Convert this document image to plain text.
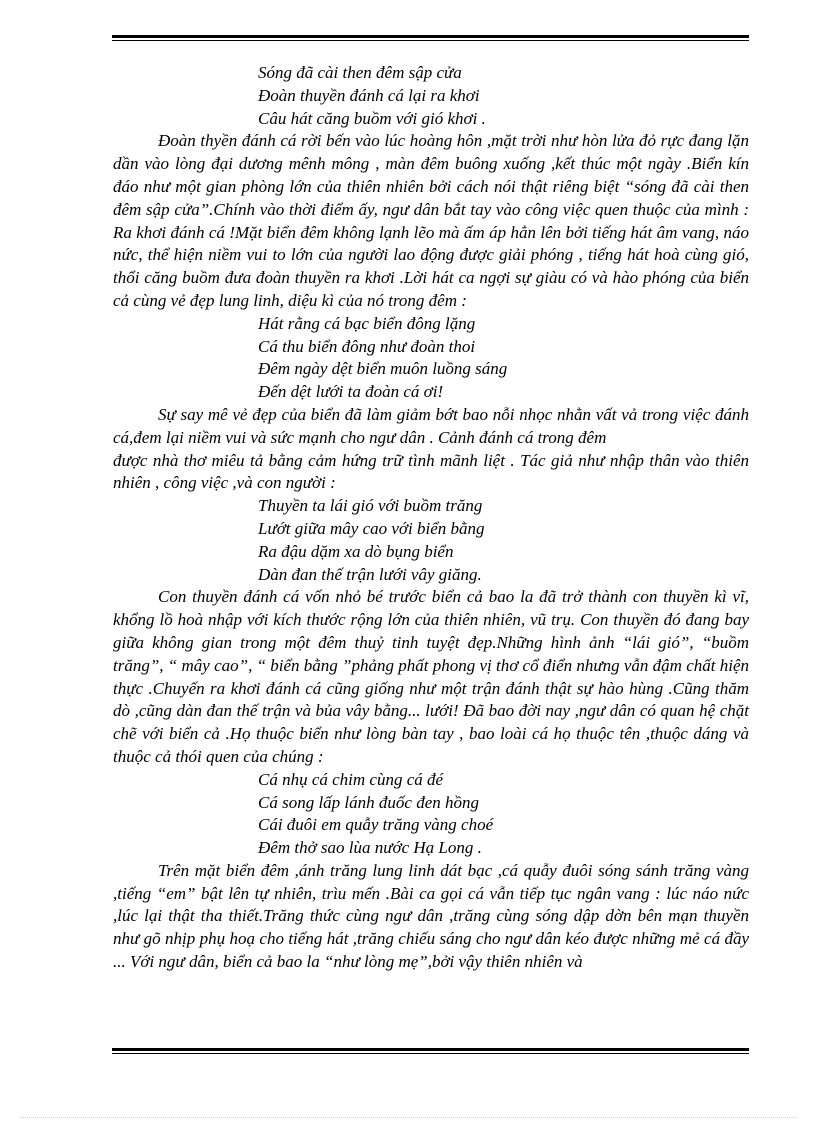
Sóng đã cài then đêm sập cửa
Đoàn thuyền đánh cá lại ra khơi
Câu hát căng buồm với gió khơi .

Đoàn thyền đánh cá rời bến vào lúc hoàng hôn ,mặt trời như hòn lửa đỏ rực đang lặn dần vào lòng đại dương mênh mông , màn đêm buông xuống ,kết thúc một ngày .Biển kín đáo như một gian phòng lớn của thiên nhiên bởi cách nói thật riêng biệt “sóng đã cài then đêm sập cửa”.Chính vào thời điểm ấy, ngư dân bắt tay vào công việc quen thuộc của mình : Ra khơi đánh cá !Mặt biển đêm không lạnh lẽo mà ấm áp hẳn lên bởi tiếng hát âm vang, náo nức, thể hiện niềm vui to lớn của người lao động được giải phóng , tiếng hát hoà cùng gió, thổi căng buồm đưa đoàn thuyền ra khơi .Lời hát ca ngợi sự giàu có và hào phóng của biển cả cùng vẻ đẹp lung linh, diệu kì của nó trong đêm :

Hát rằng cá bạc biển đông lặng
Cá thu biển đông như đoàn thoi
Đêm ngày dệt biển muôn luồng sáng
Đến dệt lưới ta đoàn cá ơi!

Sự say mê vẻ đẹp của biển đã làm giảm bớt bao nỗi nhọc nhằn vất vả trong việc đánh cá,đem lại niềm vui và sức mạnh cho ngư dân . Cảnh đánh cá trong đêm

được nhà thơ miêu tả bằng cảm hứng trữ tình mãnh liệt . Tác giả như nhập thân vào thiên nhiên , công việc ,và con người :

Thuyền ta lái gió với buồm trăng
Lướt giữa mây cao với biển bằng
Ra đậu dặm xa dò bụng biển
Dàn đan thế trận lưới vây giăng.

Con thuyền đánh cá vốn nhỏ bé trước biển cả bao la đã trở thành con thuyền kì vĩ, khổng lồ hoà nhập với kích thước rộng lớn của thiên nhiên, vũ trụ. Con thuyền đó đang bay giữa không gian trong một đêm thuỷ tinh tuyệt đẹp.Những hình ảnh “lái gió”, “buồm trăng”, “ mây cao”, “ biển bằng ”phảng phất phong vị thơ cổ điển nhưng vẫn đậm chất hiện thực .Chuyến ra khơi đánh cá cũng giống như một trận đánh thật sự hào hùng .Cũng thăm dò ,cũng dàn đan thế trận và bủa vây bằng... lưới! Đã bao đời nay ,ngư dân có quan hệ chặt chẽ với biển cả .Họ thuộc biển như lòng bàn tay , bao loài cá họ thuộc tên ,thuộc dáng và thuộc cả thói quen của chúng :

Cá nhụ cá chim cùng cá đé
Cá song lấp lánh đuốc đen hồng
Cái đuôi em quẫy trăng vàng choé
Đêm thở sao lùa nước Hạ Long .

Trên mặt biển đêm ,ánh trăng lung linh dát bạc ,cá quẫy đuôi sóng sánh trăng vàng ,tiếng “em” bật lên tự nhiên, trìu mến .Bài ca gọi cá vẫn tiếp tục ngân vang : lúc náo nức ,lúc lại thật tha thiết.Trăng thức cùng ngư dân ,trăng cùng sóng dập dờn bên mạn thuyền như gõ nhịp phụ hoạ cho tiếng hát ,trăng chiếu sáng cho ngư dân kéo được những mẻ cá đầy ... Với ngư dân, biển cả bao la “như lòng mẹ”,bởi vậy thiên nhiên và
